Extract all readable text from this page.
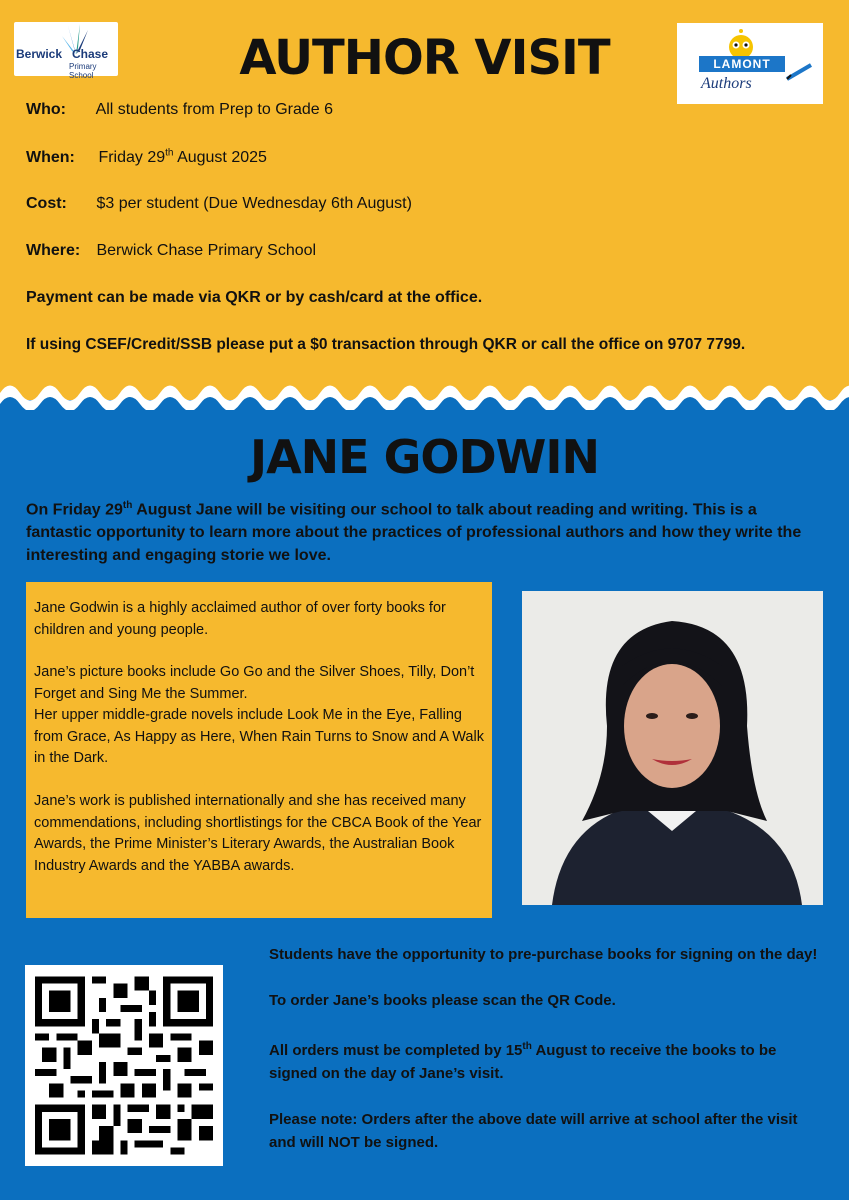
Berwick Chase
Primary School
LAMONT
Authors
AUTHOR VISIT
Who: All students from Prep to Grade 6
When: Friday 29th August 2025
Cost: $3 per student (Due Wednesday 6th August)
Where: Berwick Chase Primary School
Payment can be made via QKR or by cash/card at the office.
If using CSEF/Credit/SSB please put a $0 transaction through QKR or call the office on 9707 7799.
JANE GODWIN
On Friday 29th August Jane will be visiting our school to talk about reading and writing. This is a fantastic opportunity to learn more about the practices of professional authors and how they write the interesting and engaging storie we love.

Jane Godwin is a highly acclaimed author of over forty books for children and young people.

Jane’s picture books include Go Go and the Silver Shoes, Tilly, Don’t Forget and Sing Me the Summer.

Her upper middle-grade novels include Look Me in the Eye, Falling from Grace, As Happy as Here, When Rain Turns to Snow and A Walk in the Dark.

Jane’s work is published internationally and she has received many commendations, including shortlistings for the CBCA Book of the Year Awards, the Prime Minister’s Literary Awards, the Australian Book Industry Awards and the YABBA awards.

Students have the opportunity to pre-purchase books for signing on the day!

To order Jane’s books please scan the QR Code.

All orders must be completed by 15th August to receive the books to be signed on the day of Jane’s visit.

Please note: Orders after the above date will arrive at school after the visit and will NOT be signed.
